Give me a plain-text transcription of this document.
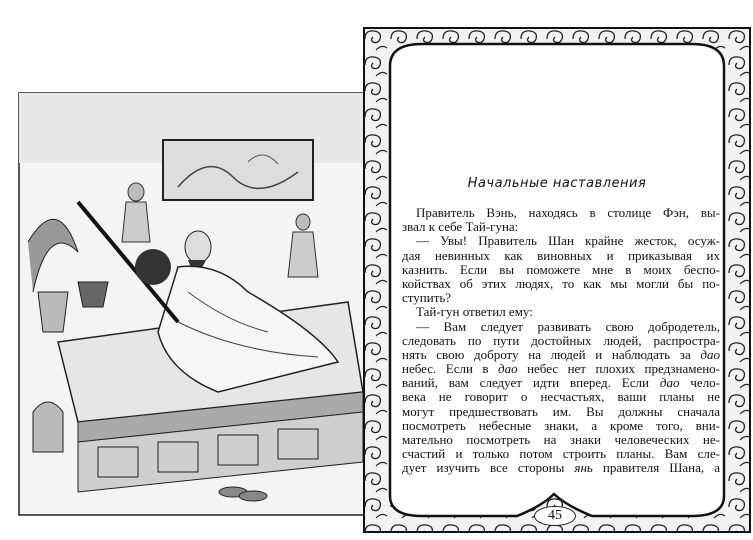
Начальные наставления
Правитель Вэнь, находясь в столице Фэн, вы-
звал к себе Тай-гуна:
— Увы! Правитель Шан крайне жесток, осуж-
дая невинных как виновных и приказывая их
казнить. Если вы поможете мне в моих беспо-
койствах об этих людях, то как мы могли бы по-
ступить?
Тай-гун ответил ему:
— Вам следует развивать свою добродетель,
следовать по пути достойных людей, распростра-
нять свою доброту на людей и наблюдать за дао
небес. Если в дао небес нет плохих предзнамено-
ваний, вам следует идти вперед. Если дао чело-
века не говорит о несчастьях, ваши планы не
могут предшествовать им. Вы должны сначала
посмотреть небесные знаки, а кроме того, вни-
мательно посмотреть на знаки человеческих не-
счастий и только потом строить планы. Вам сле-
дует изучить все стороны янь правителя Шана, а
45
